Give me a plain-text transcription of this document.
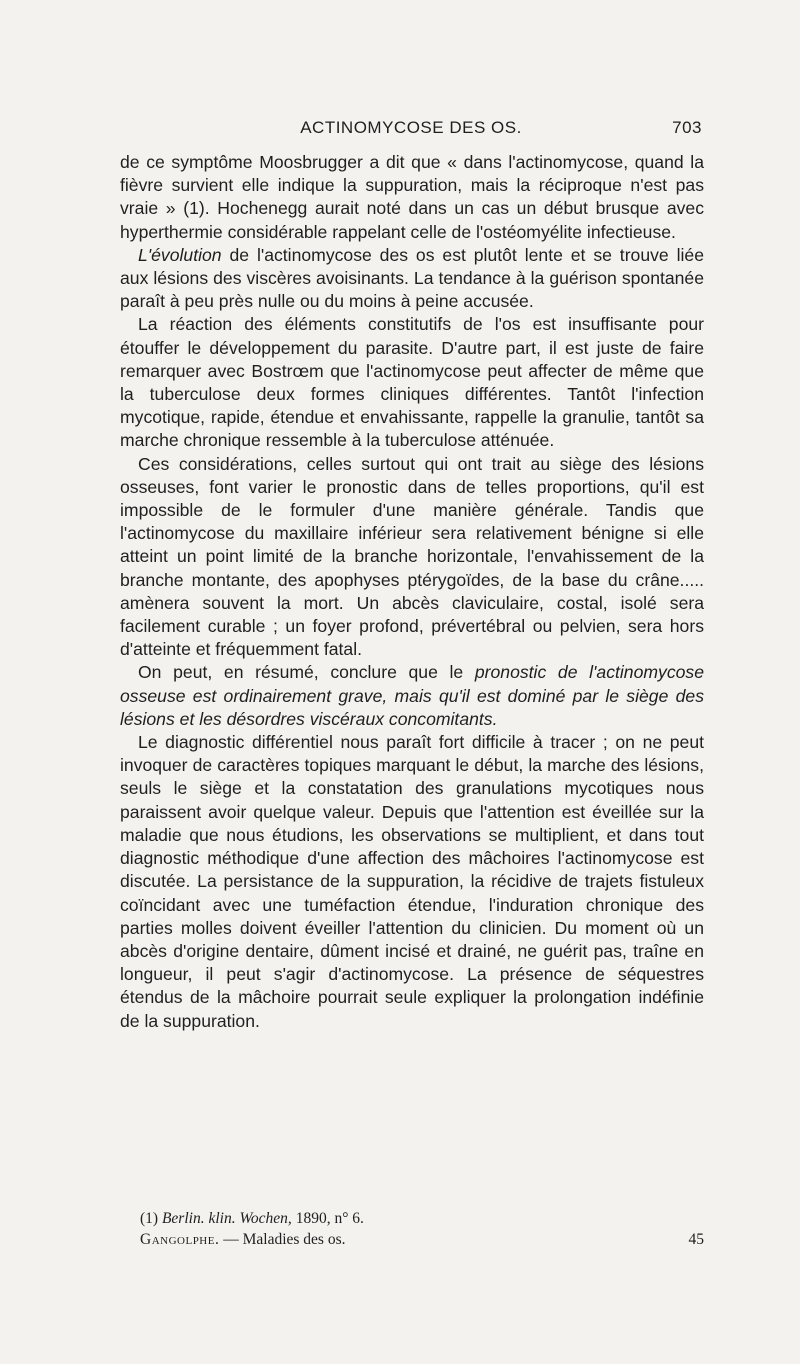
ACTINOMYCOSE DES OS.	703

de ce symptôme Moosbrugger a dit que « dans l'actinomycose, quand la fièvre survient elle indique la suppuration, mais la réciproque n'est pas vraie » (1). Hochenegg aurait noté dans un cas un début brusque avec hyperthermie considérable rappelant celle de l'ostéomyélite infectieuse.

L'évolution de l'actinomycose des os est plutôt lente et se trouve liée aux lésions des viscères avoisinants. La tendance à la guérison spontanée paraît à peu près nulle ou du moins à peine accusée.

La réaction des éléments constitutifs de l'os est insuffisante pour étouffer le développement du parasite. D'autre part, il est juste de faire remarquer avec Bostrœm que l'actinomycose peut affecter de même que la tuberculose deux formes cliniques différentes. Tantôt l'infection mycotique, rapide, étendue et envahissante, rappelle la granulie, tantôt sa marche chronique ressemble à la tuberculose atténuée.

Ces considérations, celles surtout qui ont trait au siège des lésions osseuses, font varier le pronostic dans de telles proportions, qu'il est impossible de le formuler d'une manière générale. Tandis que l'actinomycose du maxillaire inférieur sera relativement bénigne si elle atteint un point limité de la branche horizontale, l'envahissement de la branche montante, des apophyses ptérygoïdes, de la base du crâne..... amènera souvent la mort. Un abcès claviculaire, costal, isolé sera facilement curable ; un foyer profond, prévertébral ou pelvien, sera hors d'atteinte et fréquemment fatal.

On peut, en résumé, conclure que le pronostic de l'actinomycose osseuse est ordinairement grave, mais qu'il est dominé par le siège des lésions et les désordres viscéraux concomitants.

Le diagnostic différentiel nous paraît fort difficile à tracer ; on ne peut invoquer de caractères topiques marquant le début, la marche des lésions, seuls le siège et la constatation des granulations mycotiques nous paraissent avoir quelque valeur. Depuis que l'attention est éveillée sur la maladie que nous étudions, les observations se multiplient, et dans tout diagnostic méthodique d'une affection des mâchoires l'actinomycose est discutée. La persistance de la suppuration, la récidive de trajets fistuleux coïncidant avec une tuméfaction étendue, l'induration chronique des parties molles doivent éveiller l'attention du clinicien. Du moment où un abcès d'origine dentaire, dûment incisé et drainé, ne guérit pas, traîne en longueur, il peut s'agir d'actinomycose. La présence de séquestres étendus de la mâchoire pourrait seule expliquer la prolongation indéfinie de la suppuration.

(1) Berlin. klin. Wochen, 1890, n° 6.
Gangolphe. — Maladies des os.	45
